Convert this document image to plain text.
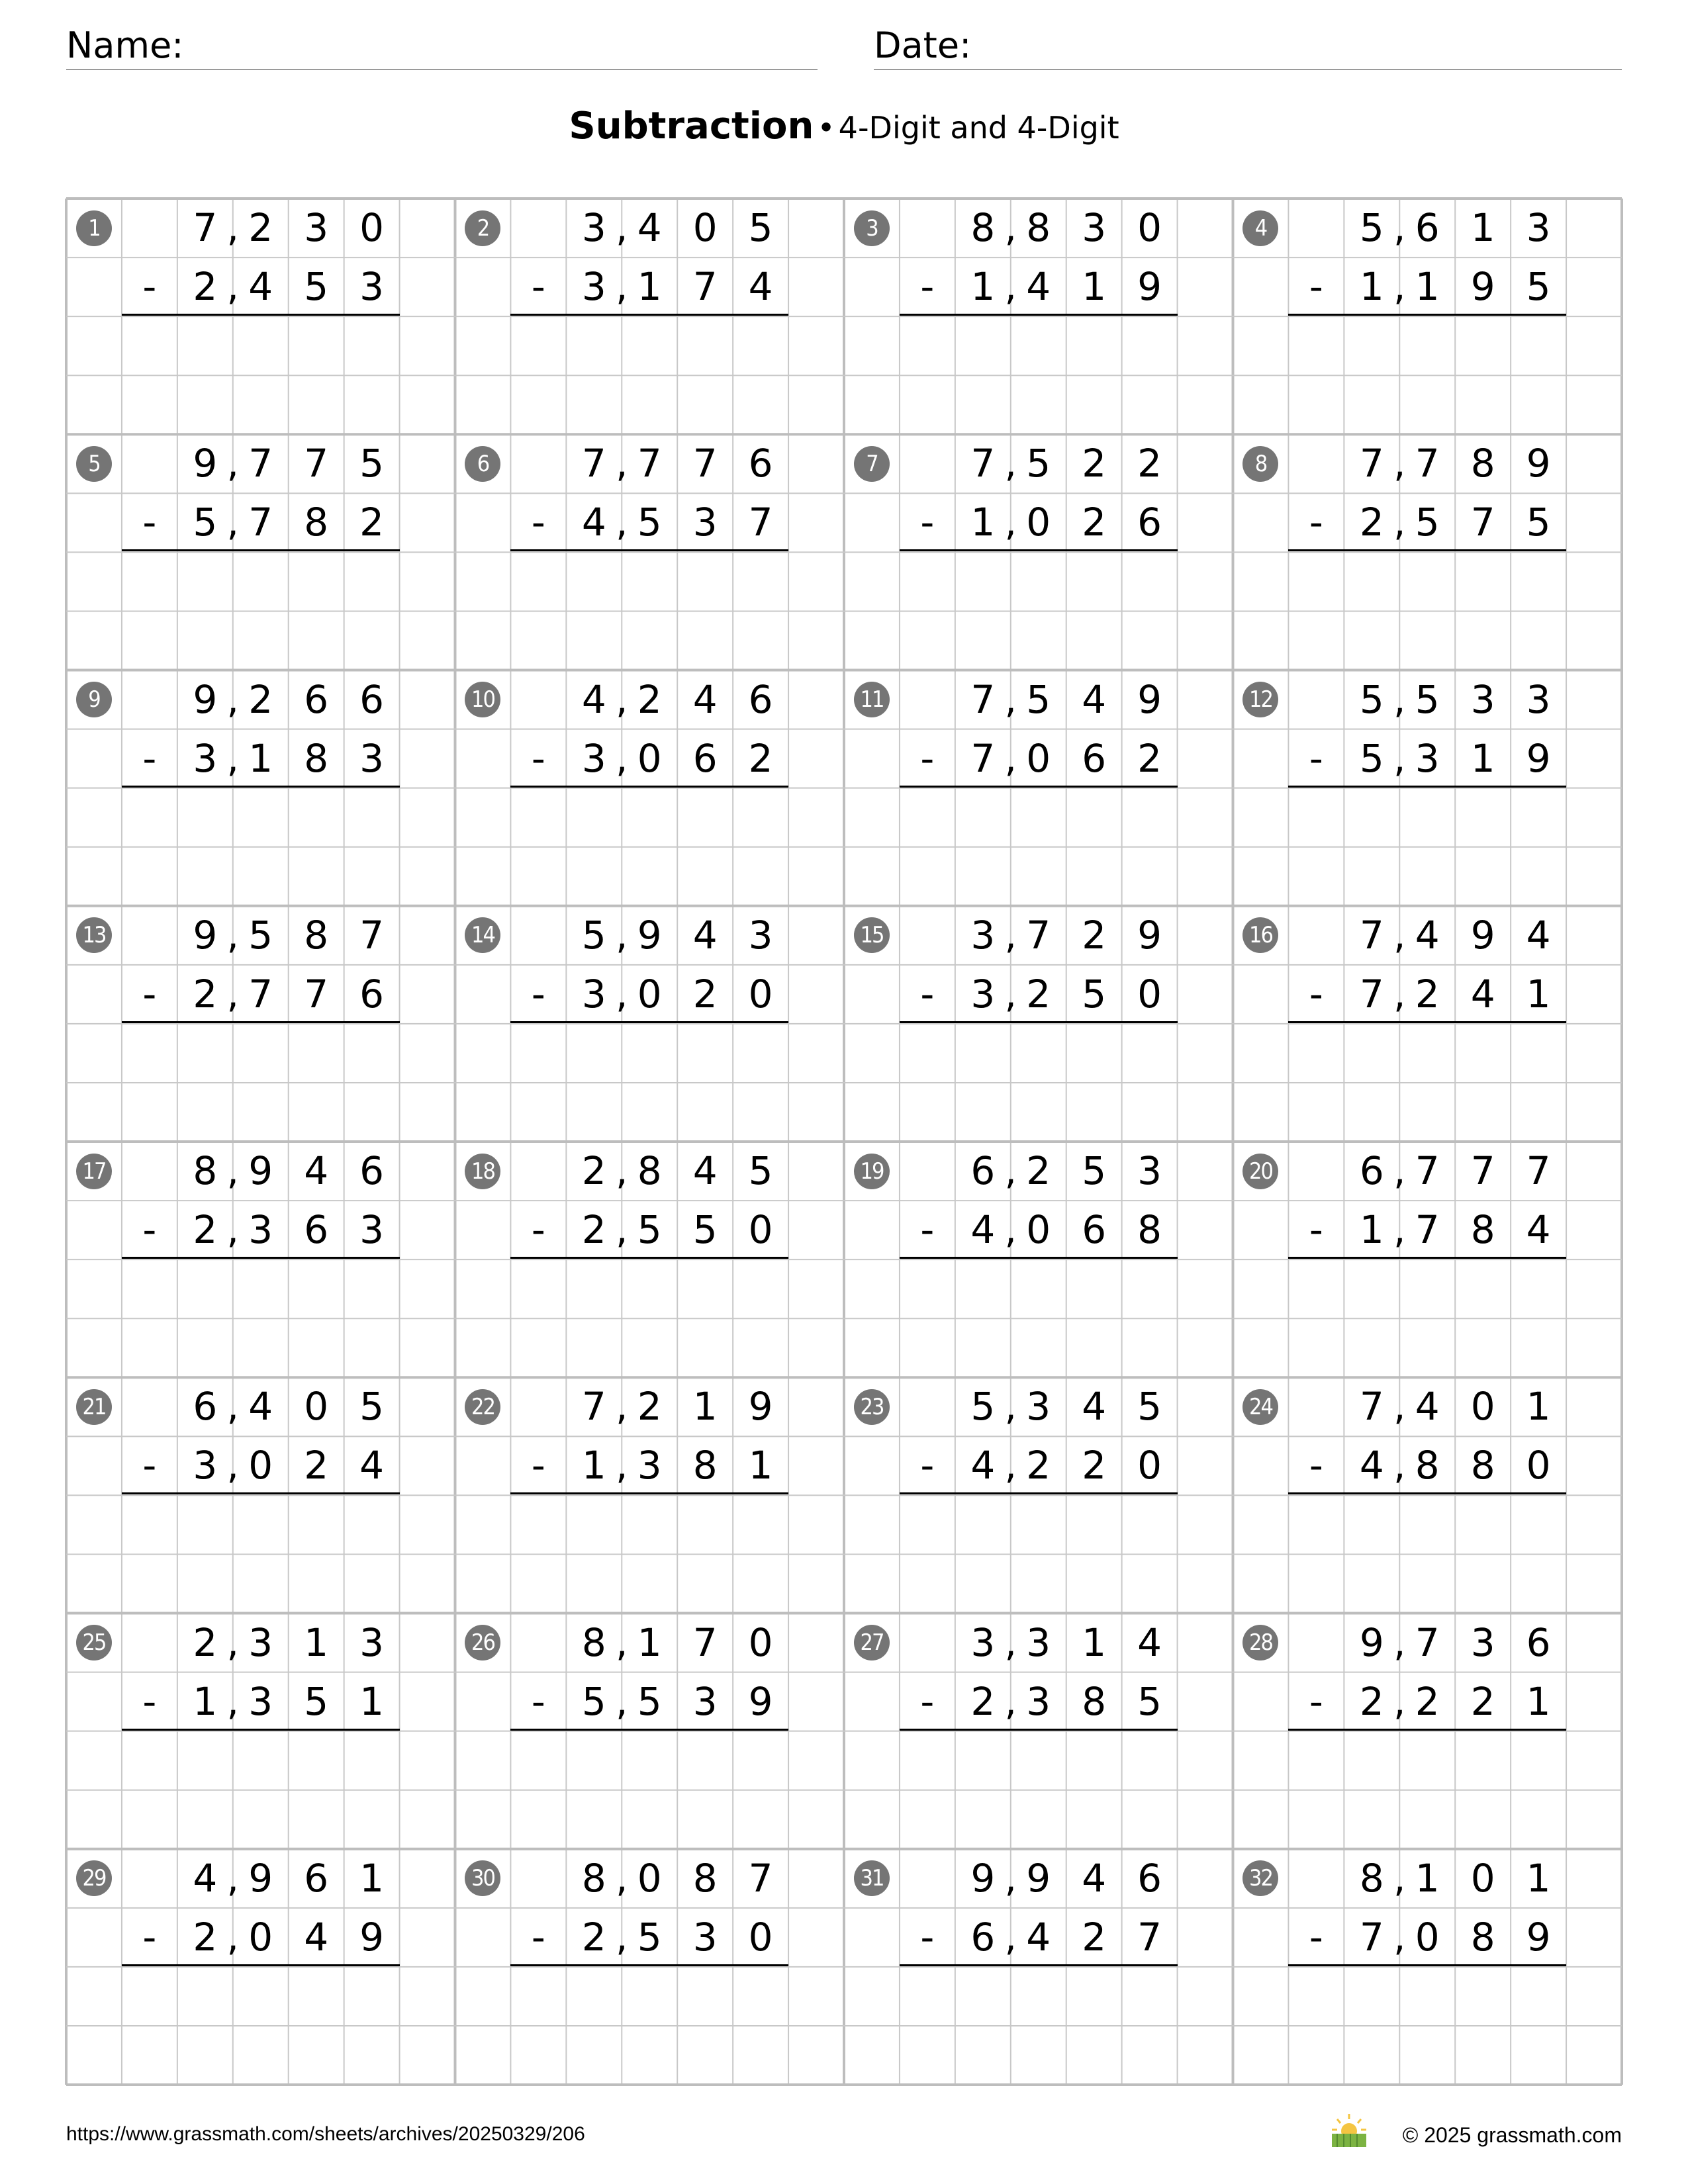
Name:	Date:
Subtraction • 4-Digit and 4-Digit
1	7 2 3 0
,
- 2 4 5 3
,
2	3 4 0 5
,
- 3 1 7 4
,
3	8 8 3 0
,
- 1 4 1 9
,
4	5 6 1 3
,
- 1 1 9 5
,
5	9 7 7 5
,
- 5 7 8 2
,
6	7 7 7 6
,
- 4 5 3 7
,
7	7 5 2 2
,
- 1 0 2 6
,
8	7 7 8 9
,
- 2 5 7 5
,
9	9 2 6 6
,
- 3 1 8 3
,
10	4 2 4 6
,
- 3 0 6 2
,
11	7 5 4 9
,
- 7 0 6 2
,
12	5 5 3 3
,
- 5 3 1 9
,
13	9 5 8 7
,
- 2 7 7 6
,
14	5 9 4 3
,
- 3 0 2 0
,
15	3 7 2 9
,
- 3 2 5 0
,
16	7 4 9 4
,
- 7 2 4 1
,
17	8 9 4 6
,
- 2 3 6 3
,
18	2 8 4 5
,
- 2 5 5 0
,
19	6 2 5 3
,
- 4 0 6 8
,
20	6 7 7 7
,
- 1 7 8 4
,
21	6 4 0 5
,
- 3 0 2 4
,
22	7 2 1 9
,
- 1 3 8 1
,
23	5 3 4 5
,
- 4 2 2 0
,
24	7 4 0 1
,
- 4 8 8 0
,
25	2 3 1 3
,
- 1 3 5 1
,
26	8 1 7 0
,
- 5 5 3 9
,
27	3 3 1 4
,
- 2 3 8 5
,
28	9 7 3 6
,
- 2 2 2 1
,
29	4 9 6 1
,
- 2 0 4 9
,
30	8 0 8 7
,
- 2 5 3 0
,
31	9 9 4 6
,
- 6 4 2 7
,
32	8 1 0 1
,
- 7 0 8 9
,
https://www.grassmath.com/sheets/archives/20250329/206	© 2025 grassmath.com
